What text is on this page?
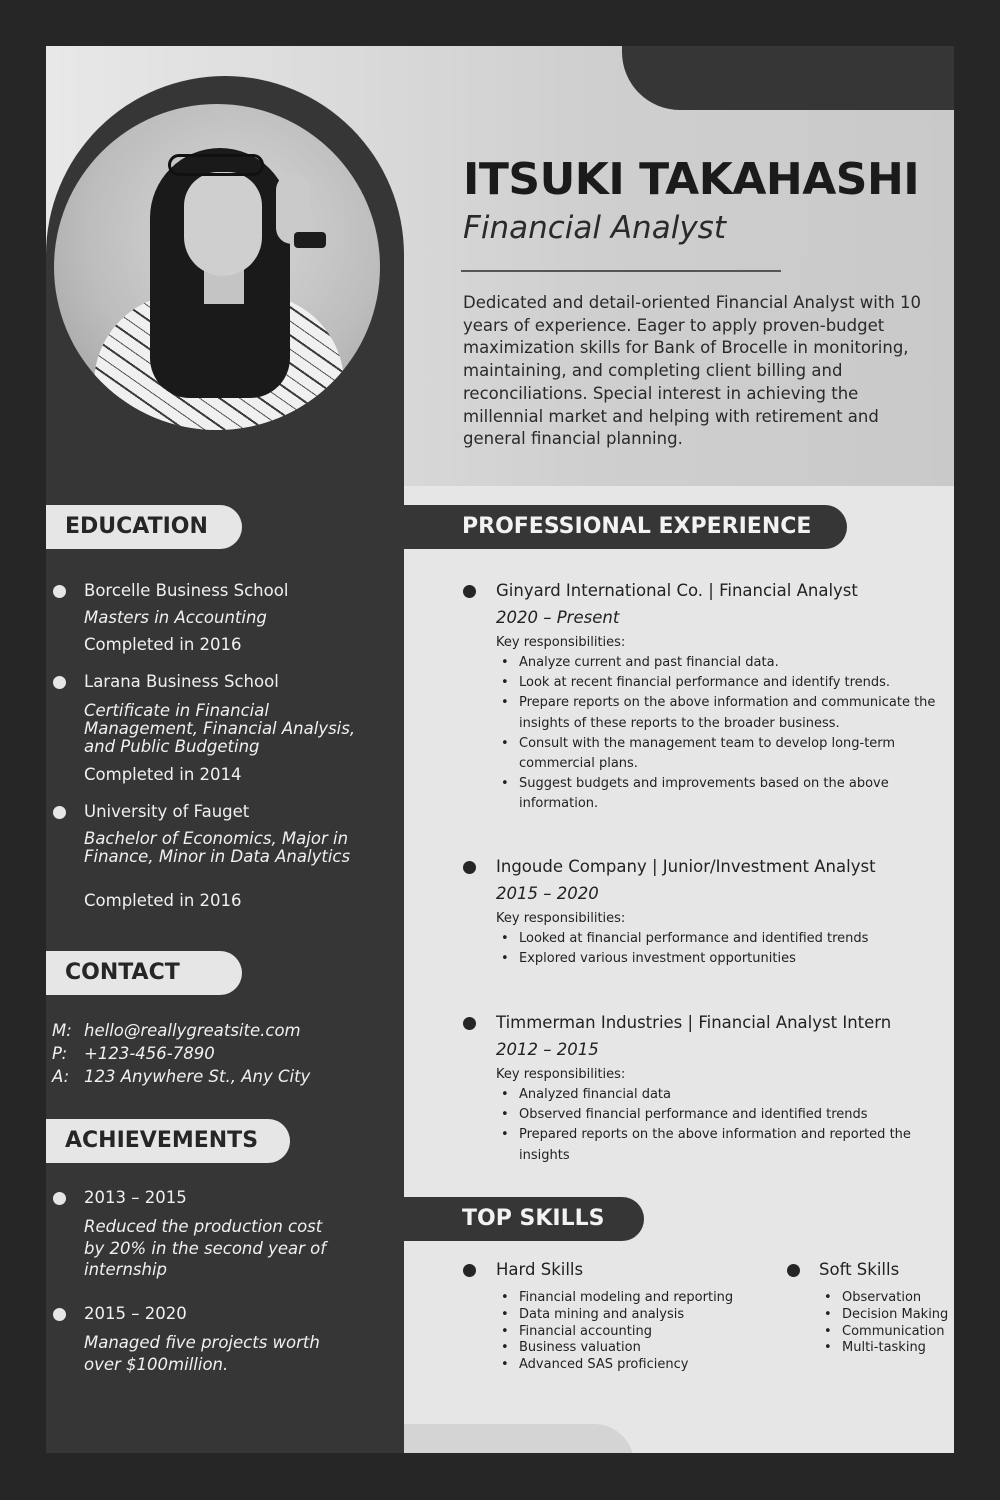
ITSUKI TAKAHASHI
Financial Analyst
Dedicated and detail-oriented Financial Analyst with 10 years of experience. Eager to apply proven-budget maximization skills for Bank of Brocelle in monitoring, maintaining, and completing client billing and reconciliations. Special interest in achieving the millennial market and helping with retirement and general financial planning.
EDUCATION
Borcelle Business School
Masters in Accounting
Completed in 2016
Larana Business School
Certificate in Financial Management, Financial Analysis, and Public Budgeting
Completed in 2014
University of Fauget
Bachelor of Economics, Major in Finance, Minor in Data Analytics
Completed in 2016
CONTACT
M: hello@reallygreatsite.com
P: +123-456-7890
A: 123 Anywhere St., Any City
ACHIEVEMENTS
2013 – 2015
Reduced the production cost by 20% in the second year of internship
2015 – 2020
Managed five projects worth over $100million.
PROFESSIONAL EXPERIENCE
Ginyard International Co. | Financial Analyst
2020 – Present
Key responsibilities:
• Analyze current and past financial data.
• Look at recent financial performance and identify trends.
• Prepare reports on the above information and communicate the insights of these reports to the broader business.
• Consult with the management team to develop long-term commercial plans.
• Suggest budgets and improvements based on the above information.
Ingoude Company | Junior/Investment Analyst
2015 – 2020
Key responsibilities:
• Looked at financial performance and identified trends
• Explored various investment opportunities
Timmerman Industries | Financial Analyst Intern
2012 – 2015
Key responsibilities:
• Analyzed financial data
• Observed financial performance and identified trends
• Prepared reports on the above information and reported the insights
TOP SKILLS
Hard Skills
• Financial modeling and reporting
• Data mining and analysis
• Financial accounting
• Business valuation
• Advanced SAS proficiency
Soft Skills
• Observation
• Decision Making
• Communication
• Multi-tasking
